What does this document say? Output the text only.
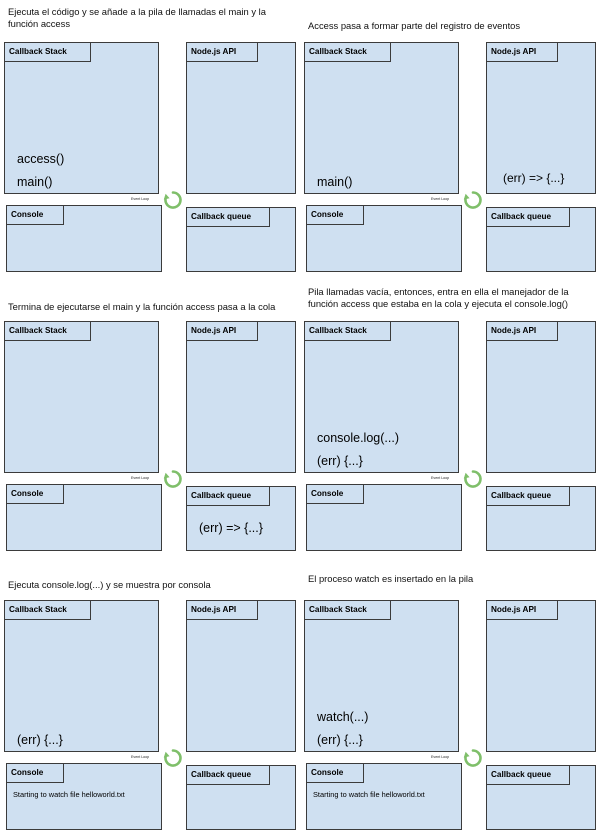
Ejecuta el código y se añade a la pila de llamadas el main y la función access
Callback Stack
access()
main()
Node.js API
Console	Callback queue
Event Loop
Access pasa a formar parte del registro de eventos
Callback Stack
main()
Node.js API
(err) => {...}
Console	Callback queue
Event Loop
Termina de ejecutarse el main y la función access pasa a la cola
Callback Stack	Node.js API
Console	Callback queue
(err) => {...}
Event Loop
Pila llamadas vacía, entonces, entra en ella el manejador de la función access que estaba en la cola y ejecuta el console.log()
Callback Stack
console.log(...)
(err) {...}
Node.js API
Console	Callback queue
Event Loop
Ejecuta console.log(...) y se muestra por consola
Callback Stack
(err) {...}
Node.js API
Console
Starting to watch file helloworld.txt
Callback queue
Event Loop
El proceso watch es insertado en la pila
Callback Stack
watch(...)
(err) {...}
Node.js API
Console
Starting to watch file helloworld.txt
Callback queue
Event Loop
